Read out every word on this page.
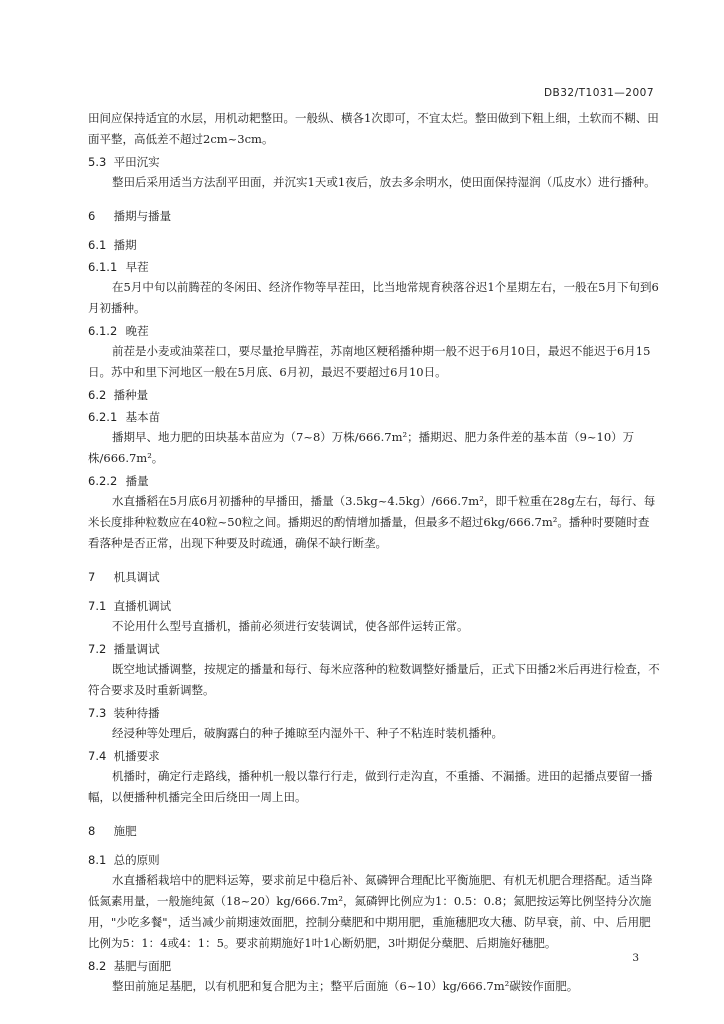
DB32/T1031—2007

田间应保持适宜的水层，用机动耙整田。一般纵、横各1次即可，不宜太烂。整田做到下粗上细，土软而不糊、田面平整，高低差不超过2cm~3cm。

5.3 平田沉实

整田后采用适当方法刮平田面，并沉实1天或1夜后，放去多余明水，使田面保持湿润（瓜皮水）进行播种。

6 播期与播量
6.1 播期
6.1.1 早茬

在5月中旬以前腾茬的冬闲田、经济作物等早茬田，比当地常规育秧落谷迟1个星期左右，一般在5月下旬到6月初播种。

6.1.2 晚茬

前茬是小麦或油菜茬口，要尽量抢早腾茬，苏南地区粳稻播种期一般不迟于6月10日，最迟不能迟于6月15日。苏中和里下河地区一般在5月底、6月初，最迟不要超过6月10日。

6.2 播种量
6.2.1 基本苗

播期早、地力肥的田块基本苗应为（7~8）万株/666.7m²；播期迟、肥力条件差的基本苗（9~10）万株/666.7m²。

6.2.2 播量

水直播稻在5月底6月初播种的早播田，播量（3.5kg~4.5kg）/666.7m²，即千粒重在28g左右，每行、每米长度排种粒数应在40粒~50粒之间。播期迟的酌情增加播量，但最多不超过6kg/666.7m²。播种时要随时查看落种是否正常，出现下种要及时疏通，确保不缺行断垄。

7 机具调试
7.1 直播机调试

不论用什么型号直播机，播前必须进行安装调试，使各部件运转正常。

7.2 播量调试

既空地试播调整，按规定的播量和每行、每米应落种的粒数调整好播量后，正式下田播2米后再进行检查，不符合要求及时重新调整。

7.3 装种待播

经浸种等处理后，破胸露白的种子摊晾至内湿外干、种子不粘连时装机播种。

7.4 机播要求

机播时，确定行走路线，播种机一般以靠行行走，做到行走沟直，不重播、不漏播。进田的起播点要留一播幅，以便播种机播完全田后绕田一周上田。

8 施肥
8.1 总的原则

水直播稻栽培中的肥料运筹，要求前足中稳后补、氮磷钾合理配比平衡施肥、有机无机肥合理搭配。适当降低氮素用量，一般施纯氮（18~20）kg/666.7m²，氮磷钾比例应为1：0.5：0.8；氮肥按运筹比例坚持分次施用，"少吃多餐"，适当减少前期速效面肥，控制分蘖肥和中期用肥，重施穗肥攻大穗、防早衰，前、中、后用肥比例为5：1：4或4：1：5。要求前期施好1叶1心断奶肥，3叶期促分蘖肥、后期施好穗肥。

8.2 基肥与面肥

整田前施足基肥，以有机肥和复合肥为主；整平后面施（6~10）kg/666.7m²碳铵作面肥。

3
